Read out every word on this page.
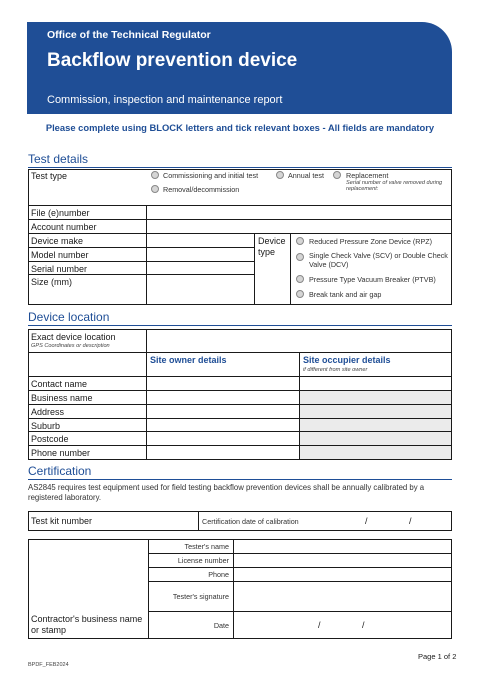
Office of the Technical Regulator
Backflow prevention device
Commission, inspection and maintenance report
Please complete using BLOCK letters and tick relevant boxes - All fields are mandatory
Test details
Test type	Commissioning and initial test	Annual test	Replacement
Serial number of valve removed during replacement:
Removal/decommission
File (e)number
Account number
Device make
Model number
Serial number
Size (mm)
Device type
Reduced Pressure Zone Device (RPZ)
Single Check Valve (SCV) or Double Check Valve (DCV)
Pressure Type Vacuum Breaker (PTVB)
Break tank and air gap
Device location
Exact device location
GPS Coordinates or description
Site owner details	Site occupier details
if different from site owner
Contact name
Business name
Address
Suburb
Postcode
Phone number
Certification
AS2845 requires test equipment used for field testing backflow prevention devices shall be annually calibrated by a registered laboratory.
Test kit number	Certification date of calibration	/	/
Tester's name
License number
Phone
Tester's signature
Date	/	/
Contractor's business name or stamp
BPDF_FEB2024
Page 1 of 2
